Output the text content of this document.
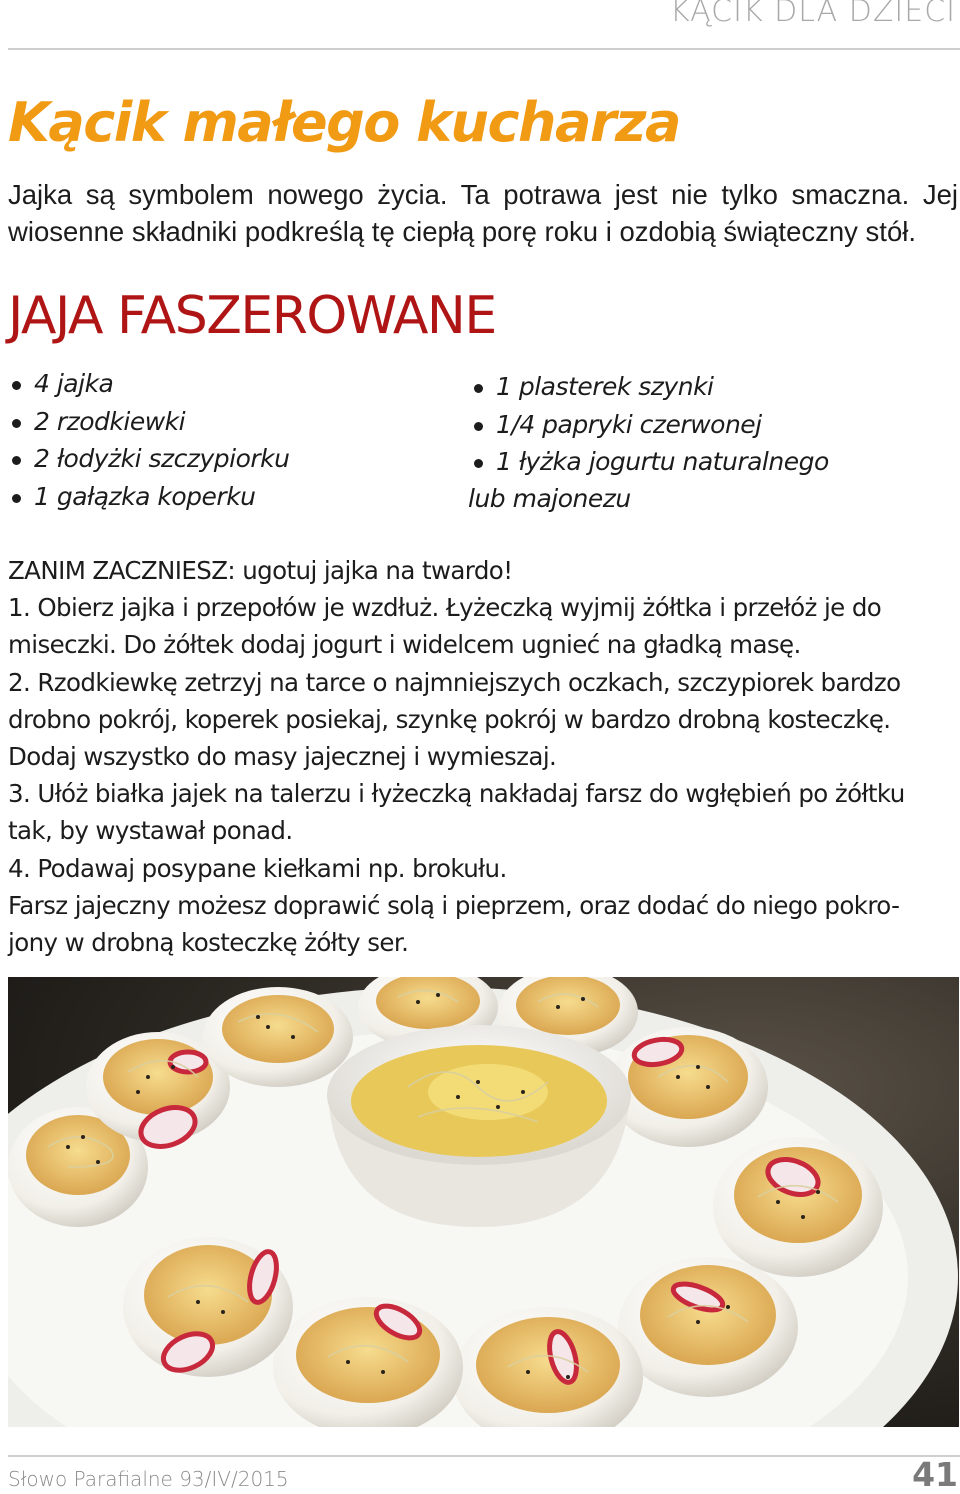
KĄCIK DLA DZIECI
Kącik małego kucharza
Jajka są symbolem nowego życia. Ta potrawa jest nie tylko smaczna. Jej
wiosenne składniki podkreślą tę ciepłą porę roku i ozdobią świąteczny stół.
JAJA FASZEROWANE
4 jajka
2 rzodkiewki
2 łodyżki szczypiorku
1 gałązka koperku
1 plasterek szynki
1/4 papryki czerwonej
1 łyżka jogurtu naturalnego
lub majonezu
ZANIM ZACZNIESZ: ugotuj jajka na twardo!
1. Obierz jajka i przepołów je wzdłuż. Łyżeczką wyjmij żółtka i przełóż je do
miseczki. Do żółtek dodaj jogurt i widelcem ugnieć na gładką masę.
2. Rzodkiewkę zetrzyj na tarce o najmniejszych oczkach, szczypiorek bardzo
drobno pokrój, koperek posiekaj, szynkę pokrój w bardzo drobną kosteczkę.
Dodaj wszystko do masy jajecznej i wymieszaj.
3. Ułóż białka jajek na talerzu i łyżeczką nakładaj farsz do wgłębień po żółtku
tak, by wystawał ponad.
4. Podawaj posypane kiełkami np. brokułu.
Farsz jajeczny możesz doprawić solą i pieprzem, oraz dodać do niego pokro-
jony w drobną kosteczkę żółty ser.
Słowo Parafialne 93/IV/2015	41
